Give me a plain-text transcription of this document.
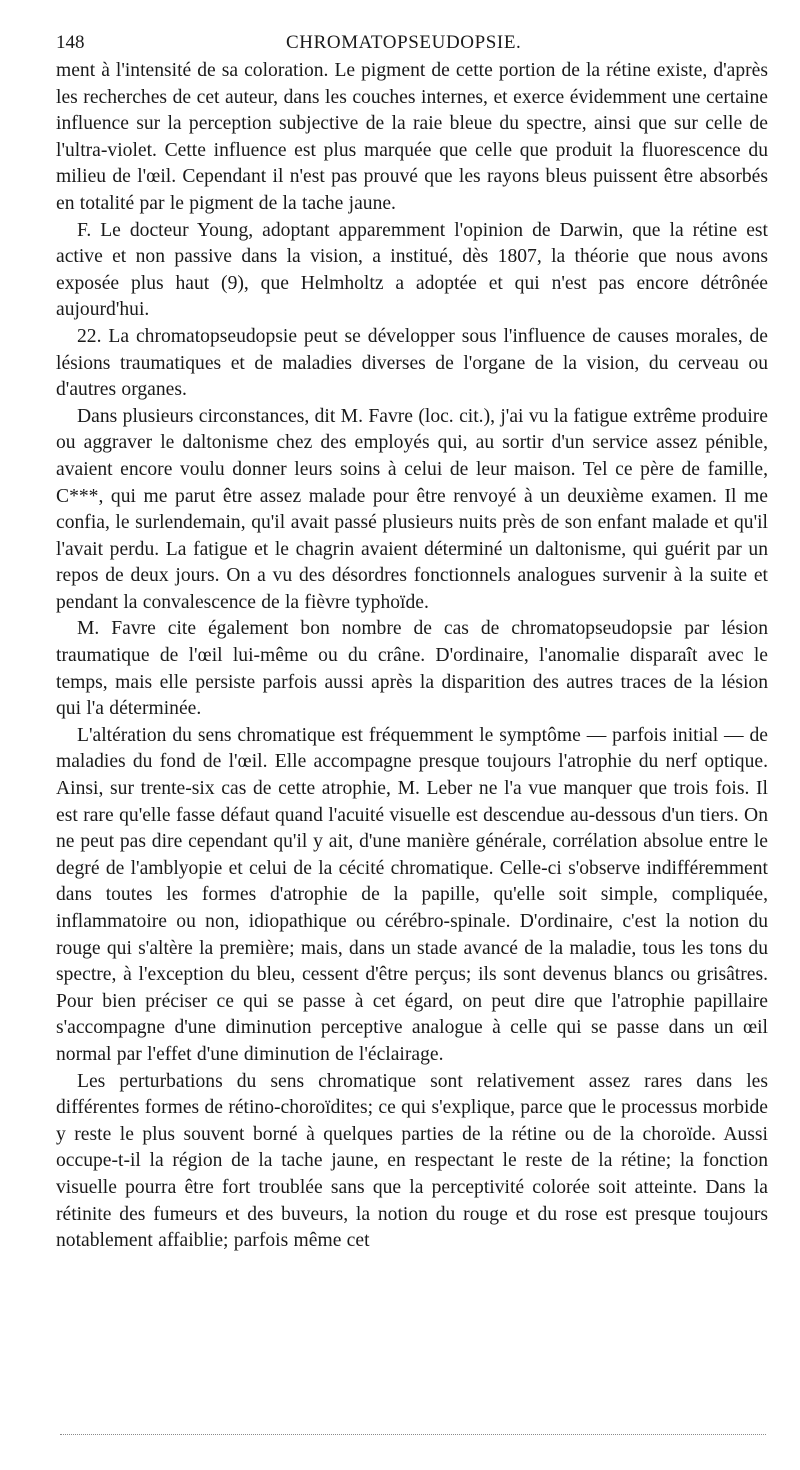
148	CHROMATOPSEUDOPSIE.

ment à l'intensité de sa coloration. Le pigment de cette portion de la rétine existe, d'après les recherches de cet auteur, dans les couches internes, et exerce évidemment une certaine influence sur la perception subjective de la raie bleue du spectre, ainsi que sur celle de l'ultra-violet. Cette influence est plus marquée que celle que produit la fluorescence du milieu de l'œil. Cependant il n'est pas prouvé que les rayons bleus puissent être absorbés en totalité par le pigment de la tache jaune.

F. Le docteur Young, adoptant apparemment l'opinion de Darwin, que la rétine est active et non passive dans la vision, a institué, dès 1807, la théorie que nous avons exposée plus haut (9), que Helmholtz a adoptée et qui n'est pas encore détrônée aujourd'hui.

22. La chromatopseudopsie peut se développer sous l'influence de causes morales, de lésions traumatiques et de maladies diverses de l'organe de la vision, du cerveau ou d'autres organes.

Dans plusieurs circonstances, dit M. Favre (loc. cit.), j'ai vu la fatigue extrême produire ou aggraver le daltonisme chez des employés qui, au sortir d'un service assez pénible, avaient encore voulu donner leurs soins à celui de leur maison. Tel ce père de famille, C***, qui me parut être assez malade pour être renvoyé à un deuxième examen. Il me confia, le surlendemain, qu'il avait passé plusieurs nuits près de son enfant malade et qu'il l'avait perdu. La fatigue et le chagrin avaient déterminé un daltonisme, qui guérit par un repos de deux jours. On a vu des désordres fonctionnels analogues survenir à la suite et pendant la convalescence de la fièvre typhoïde.

M. Favre cite également bon nombre de cas de chromatopseudopsie par lésion traumatique de l'œil lui-même ou du crâne. D'ordinaire, l'anomalie disparaît avec le temps, mais elle persiste parfois aussi après la disparition des autres traces de la lésion qui l'a déterminée.

L'altération du sens chromatique est fréquemment le symptôme — parfois initial — de maladies du fond de l'œil. Elle accompagne presque toujours l'atrophie du nerf optique. Ainsi, sur trente-six cas de cette atrophie, M. Leber ne l'a vue manquer que trois fois. Il est rare qu'elle fasse défaut quand l'acuité visuelle est descendue au-dessous d'un tiers. On ne peut pas dire cependant qu'il y ait, d'une manière générale, corrélation absolue entre le degré de l'amblyopie et celui de la cécité chromatique. Celle-ci s'observe indifféremment dans toutes les formes d'atrophie de la papille, qu'elle soit simple, compliquée, inflammatoire ou non, idiopathique ou cérébro-spinale. D'ordinaire, c'est la notion du rouge qui s'altère la première; mais, dans un stade avancé de la maladie, tous les tons du spectre, à l'exception du bleu, cessent d'être perçus; ils sont devenus blancs ou grisâtres. Pour bien préciser ce qui se passe à cet égard, on peut dire que l'atrophie papillaire s'accompagne d'une diminution perceptive analogue à celle qui se passe dans un œil normal par l'effet d'une diminution de l'éclairage.

Les perturbations du sens chromatique sont relativement assez rares dans les différentes formes de rétino-choroïdites; ce qui s'explique, parce que le processus morbide y reste le plus souvent borné à quelques parties de la rétine ou de la choroïde. Aussi occupe-t-il la région de la tache jaune, en respectant le reste de la rétine; la fonction visuelle pourra être fort troublée sans que la perceptivité colorée soit atteinte. Dans la rétinite des fumeurs et des buveurs, la notion du rouge et du rose est presque toujours notablement affaiblie; parfois même cet
